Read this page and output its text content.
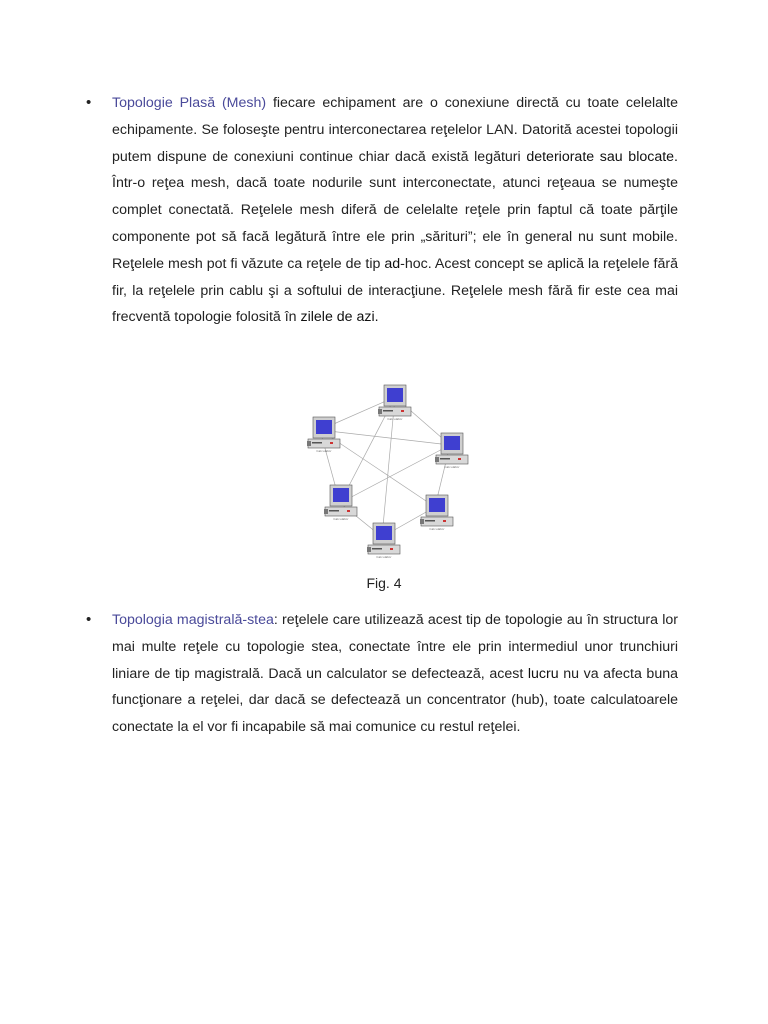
•	Topologie Plasă (Mesh) fiecare echipament are o conexiune directă cu toate celelalte echipamente. Se foloseşte pentru interconectarea reţelelor LAN. Datorită acestei topologii putem dispune de conexiuni continue chiar dacă există legături deteriorate sau blocate. Într-o reţea mesh, dacă toate nodurile sunt interconectate, atunci reţeaua se numeşte complet conectată. Reţelele mesh diferă de celelalte reţele prin faptul că toate părţile componente pot să facă legătură între ele prin „sărituri”; ele în general nu sunt mobile. Reţelele mesh pot fi văzute ca reţele de tip ad-hoc. Acest concept se aplică la reţelele fără fir, la reţelele prin cablu şi a softului de interacţiune. Reţelele mesh fără fir este cea mai frecventă topologie folosită în zilele de azi.
Calculator
Calculator
Calculator
Calculator
Calculator
Calculator
Fig. 4
•	Topologia magistrală-stea: reţelele care utilizează acest tip de topologie au în structura lor mai multe reţele cu topologie stea, conectate între ele prin intermediul unor trunchiuri liniare de tip magistrală. Dacă un calculator se defectează, acest lucru nu va afecta buna funcţionare a reţelei, dar dacă se defectează un concentrator (hub), toate calculatoarele conectate la el vor fi incapabile să mai comunice cu restul reţelei.
